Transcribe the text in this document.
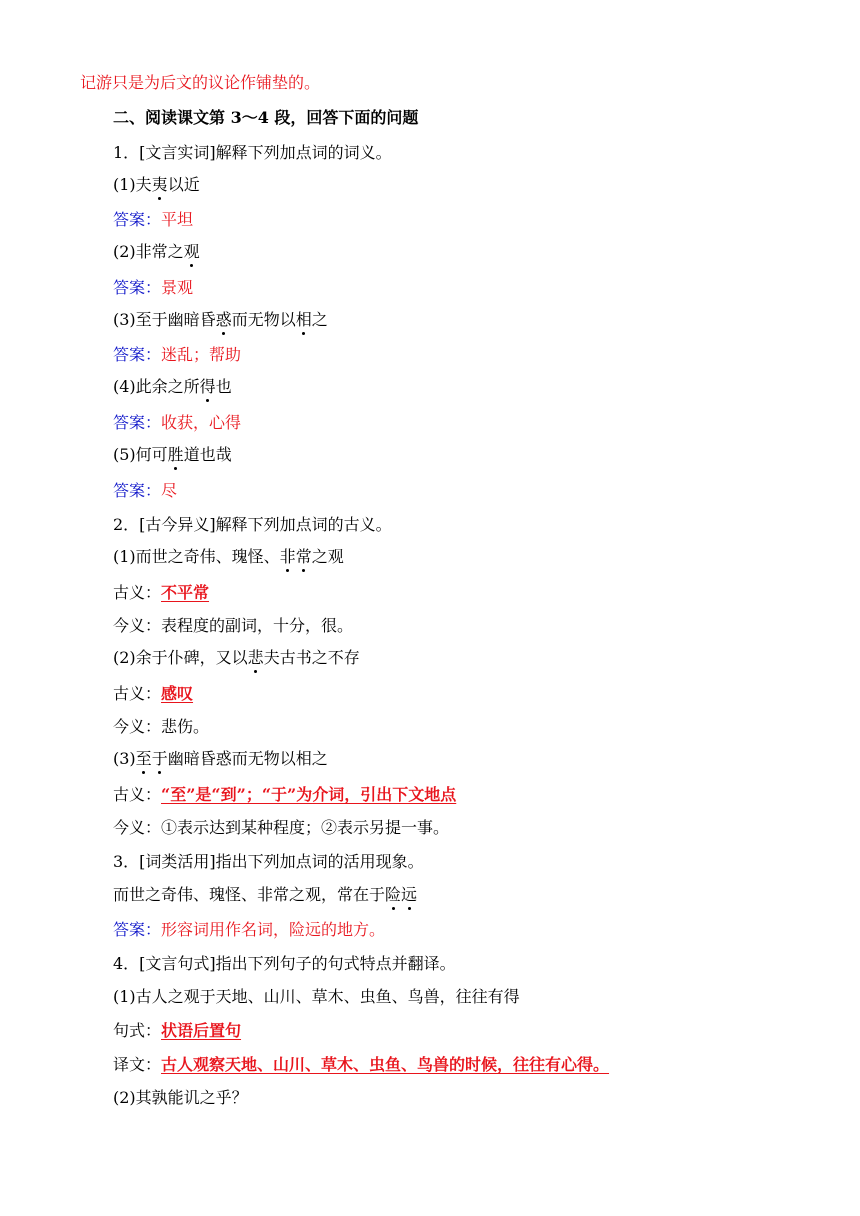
记游只是为后文的议论作铺垫的。
二、阅读课文第 3～4 段，回答下面的问题
1．[文言实词]解释下列加点词的词义。
(1)夫夷以近
答案：平坦
(2)非常之观
答案：景观
(3)至于幽暗昏惑而无物以相之
答案：迷乱；帮助
(4)此余之所得也
答案：收获，心得
(5)何可胜道也哉
答案：尽
2．[古今异义]解释下列加点词的古义。
(1)而世之奇伟、瑰怪、非常之观
古义：不平常
今义：表程度的副词，十分，很。
(2)余于仆碑，又以悲夫古书之不存
古义：感叹
今义：悲伤。
(3)至于幽暗昏惑而无物以相之
古义：“至”是“到”；“于”为介词，引出下文地点
今义：①表示达到某种程度；②表示另提一事。
3．[词类活用]指出下列加点词的活用现象。
而世之奇伟、瑰怪、非常之观，常在于险远
答案：形容词用作名词，险远的地方。
4．[文言句式]指出下列句子的句式特点并翻译。
(1)古人之观于天地、山川、草木、虫鱼、鸟兽，往往有得
句式：状语后置句
译文：古人观察天地、山川、草木、虫鱼、鸟兽的时候，往往有心得。
(2)其孰能讥之乎？
